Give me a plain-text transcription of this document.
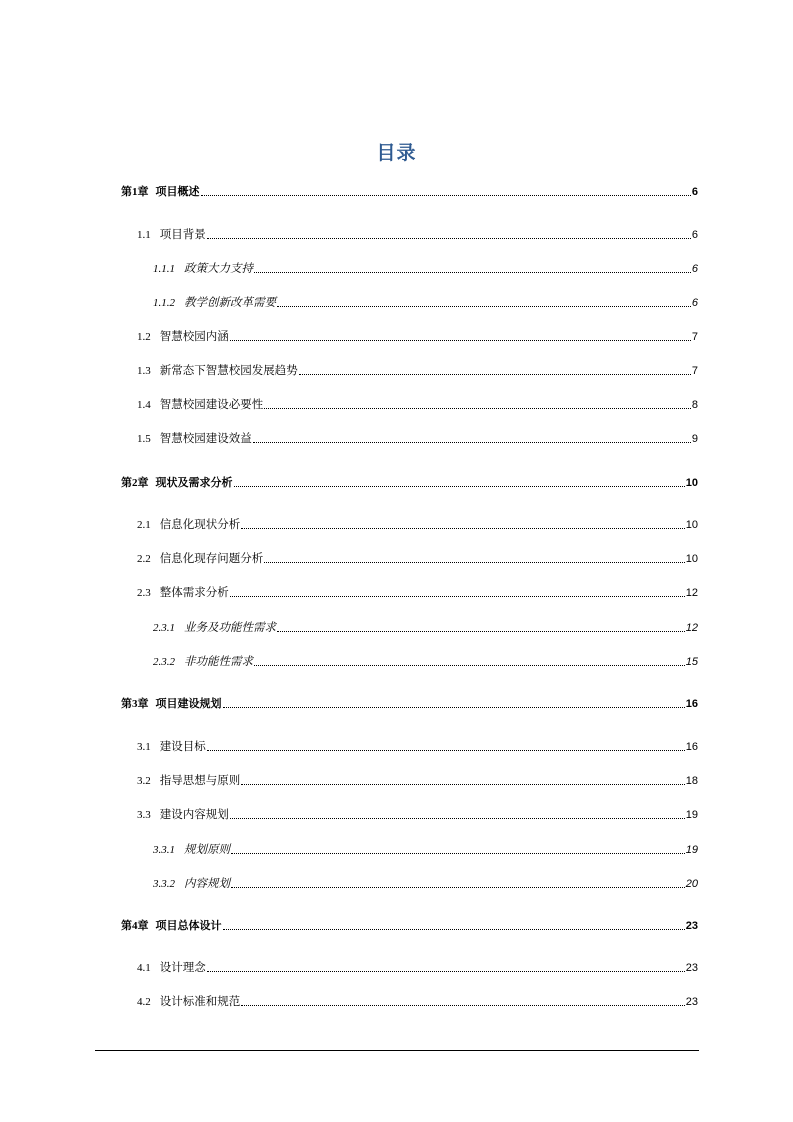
目录
第1章 项目概述	6
1.1 项目背景	6
1.1.1 政策大力支持	6
1.1.2 教学创新改革需要	6
1.2 智慧校园内涵	7
1.3 新常态下智慧校园发展趋势	7
1.4 智慧校园建设必要性	8
1.5 智慧校园建设效益	9
第2章 现状及需求分析	10
2.1 信息化现状分析	10
2.2 信息化现存问题分析	10
2.3 整体需求分析	12
2.3.1 业务及功能性需求	12
2.3.2 非功能性需求	15
第3章 项目建设规划	16
3.1 建设目标	16
3.2 指导思想与原则	18
3.3 建设内容规划	19
3.3.1 规划原则	19
3.3.2 内容规划	20
第4章 项目总体设计	23
4.1 设计理念	23
4.2 设计标准和规范	23
